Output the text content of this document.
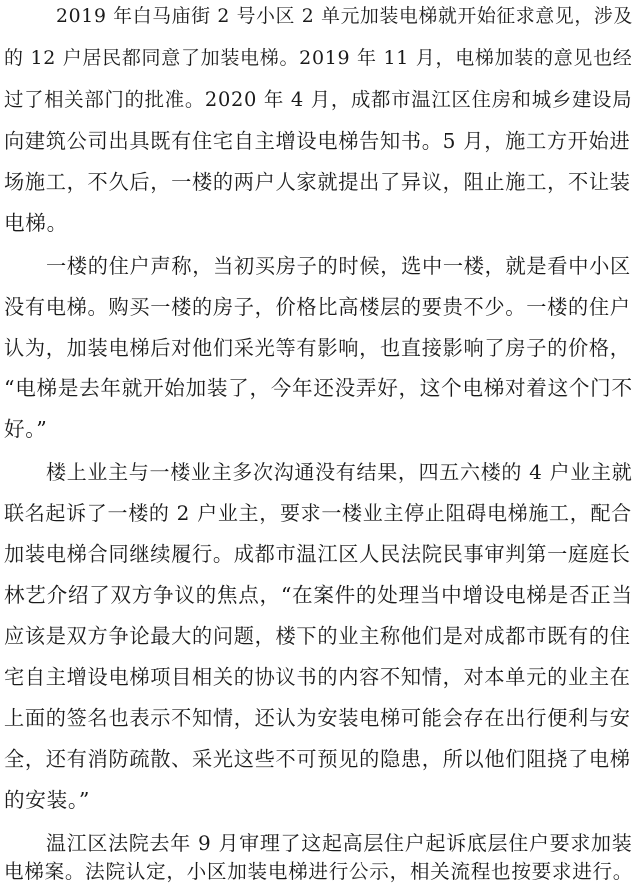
2019 年白马庙街 2 号小区 2 单元加装电梯就开始征求意见，涉及
的 12 户居民都同意了加装电梯。2019 年 11 月，电梯加装的意见也经
过了相关部门的批准。2020 年 4 月，成都市温江区住房和城乡建设局
向建筑公司出具既有住宅自主增设电梯告知书。5 月，施工方开始进
场施工，不久后，一楼的两户人家就提出了异议，阻止施工，不让装
电梯。
一楼的住户声称，当初买房子的时候，选中一楼，就是看中小区
没有电梯。购买一楼的房子，价格比高楼层的要贵不少。一楼的住户
认为，加装电梯后对他们采光等有影响，也直接影响了房子的价格，
“电梯是去年就开始加装了，今年还没弄好，这个电梯对着这个门不
好。”
楼上业主与一楼业主多次沟通没有结果，四五六楼的 4 户业主就
联名起诉了一楼的 2 户业主，要求一楼业主停止阻碍电梯施工，配合
加装电梯合同继续履行。成都市温江区人民法院民事审判第一庭庭长
林艺介绍了双方争议的焦点，“在案件的处理当中增设电梯是否正当
应该是双方争论最大的问题，楼下的业主称他们是对成都市既有的住
宅自主增设电梯项目相关的协议书的内容不知情，对本单元的业主在
上面的签名也表示不知情，还认为安装电梯可能会存在出行便利与安
全，还有消防疏散、采光这些不可预见的隐患，所以他们阻挠了电梯
的安装。”
温江区法院去年 9 月审理了这起高层住户起诉底层住户要求加装
电梯案。法院认定，小区加装电梯进行公示，相关流程也按要求进行。
